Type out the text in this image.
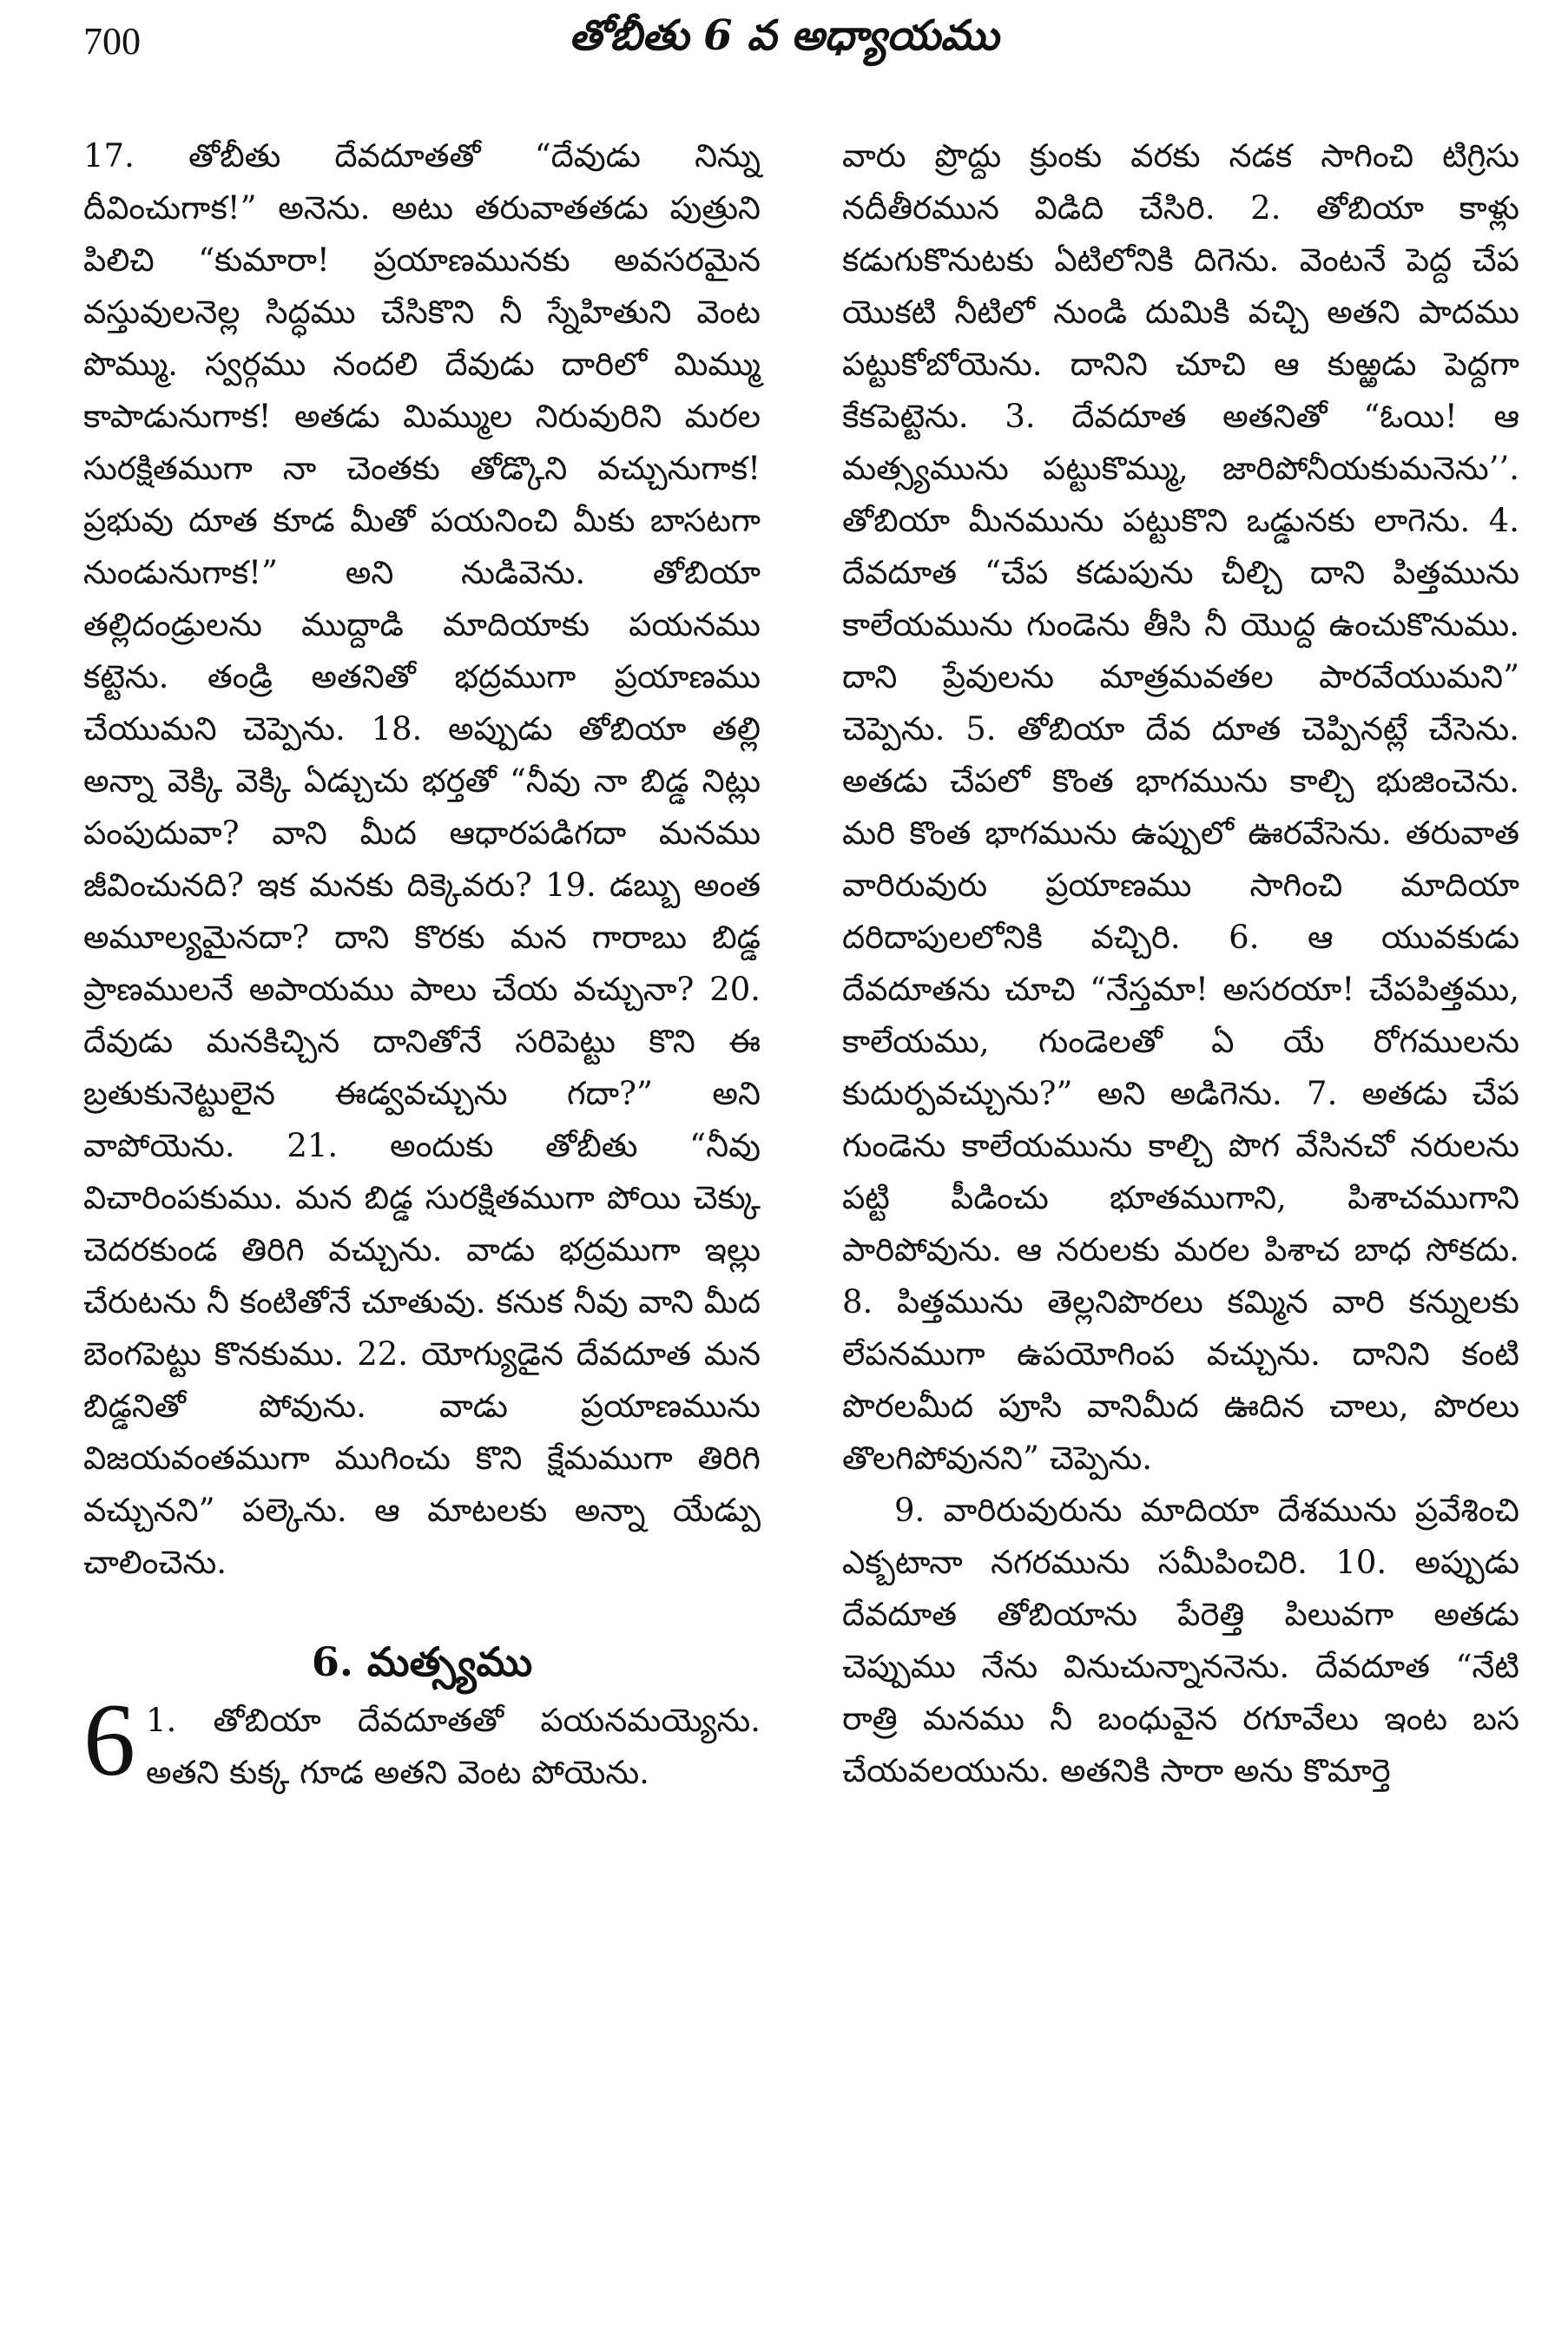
700	తోబీతు 6 వ అధ్యాయము

17. తోబీతు దేవదూతతో “దేవుడు నిన్ను దీవించుగాక!” అనెను. అటు తరువాతతడు పుత్రుని పిలిచి “కుమారా! ప్రయాణమునకు అవసరమైన వస్తువులనెల్ల సిద్ధము చేసికొని నీ స్నేహితుని వెంట పొమ్ము. స్వర్గము నందలి దేవుడు దారిలో మిమ్ము కాపాడునుగాక! అతడు మిమ్ముల నిరువురిని మరల సురక్షితముగా నా చెంతకు తోడ్కొని వచ్చునుగాక! ప్రభువు దూత కూడ మీతో పయనించి మీకు బాసటగా నుండునుగాక!” అని నుడివెను. తోబియా తల్లిదండ్రులను ముద్దాడి మాదియాకు పయనము కట్టెను. తండ్రి అతనితో భద్రముగా ప్రయాణము చేయుమని చెప్పెను. 18. అప్పుడు తోబియా తల్లి అన్నా వెక్కి వెక్కి ఏడ్చుచు భర్తతో “నీవు నా బిడ్డ నిట్లు పంపుదువా? వాని మీద ఆధారపడిగదా మనము జీవించునది? ఇక మనకు దిక్కెవరు? 19. డబ్బు అంత అమూల్యమైనదా? దాని కొరకు మన గారాబు బిడ్డ ప్రాణములనే అపాయము పాలు చేయ వచ్చునా? 20. దేవుడు మనకిచ్చిన దానితోనే సరిపెట్టు కొని ఈ బ్రతుకునెట్టులైన ఈడ్వవచ్చును గదా?” అని వాపోయెను. 21. అందుకు తోబీతు “నీవు విచారింపకుము. మన బిడ్డ సురక్షితముగా పోయి చెక్కు చెదరకుండ తిరిగి వచ్చును. వాడు భద్రముగా ఇల్లు చేరుటను నీ కంటితోనే చూతువు. కనుక నీవు వాని మీద బెంగపెట్టు కొనకుము. 22. యోగ్యుడైన దేవదూత మన బిడ్డనితో పోవును. వాడు ప్రయాణమును విజయవంతముగా ముగించు కొని క్షేమముగా తిరిగి వచ్చునని” పల్కెను. ఆ మాటలకు అన్నా యేడ్పు చాలించెను.

6. మత్స్యము

6 1. తోబియా దేవదూతతో పయనమయ్యెను. అతని కుక్క గూడ అతని వెంట పోయెను.

వారు ప్రొద్దు క్రుంకు వరకు నడక సాగించి టిగ్రిసు నదీతీరమున విడిది చేసిరి. 2. తోబియా కాళ్లు కడుగుకొనుటకు ఏటిలోనికి దిగెను. వెంటనే పెద్ద చేప యొకటి నీటిలో నుండి దుమికి వచ్చి అతని పాదము పట్టుకోబోయెను. దానిని చూచి ఆ కుఱ్ఱడు పెద్దగా కేకపెట్టెను. 3. దేవదూత అతనితో “ఓయి! ఆ మత్స్యమును పట్టుకొమ్ము, జారిపోనీయకుమనెను’’. తోబియా మీనమును పట్టుకొని ఒడ్డునకు లాగెను. 4. దేవదూత “చేప కడుపును చీల్చి దాని పిత్తమును కాలేయమును గుండెను తీసి నీ యొద్ద ఉంచుకొనుము. దాని ప్రేవులను మాత్రమవతల పారవేయుమని” చెప్పెను. 5. తోబియా దేవ దూత చెప్పినట్లే చేసెను. అతడు చేపలో కొంత భాగమును కాల్చి భుజించెను. మరి కొంత భాగమును ఉప్పులో ఊరవేసెను. తరువాత వారిరువురు ప్రయాణము సాగించి మాదియా దరిదాపులలోనికి వచ్చిరి. 6. ఆ యువకుడు దేవదూతను చూచి “నేస్తమా! అసరయా! చేపపిత్తము, కాలేయము, గుండెలతో ఏ యే రోగములను కుదుర్పవచ్చును?” అని అడిగెను. 7. అతడు చేప గుండెను కాలేయమును కాల్చి పొగ వేసినచో నరులను పట్టి పీడించు భూతముగాని, పిశాచముగాని పారిపోవును. ఆ నరులకు మరల పిశాచ బాధ సోకదు. 8. పిత్తమును తెల్లనిపొరలు కమ్మిన వారి కన్నులకు లేపనముగా ఉపయోగింప వచ్చును. దానిని కంటి పొరలమీద పూసి వానిమీద ఊదిన చాలు, పొరలు తొలగిపోవునని” చెప్పెను.

9. వారిరువురును మాదియా దేశమును ప్రవేశించి ఎక్బటానా నగరమును సమీపించిరి. 10. అప్పుడు దేవదూత తోబియాను పేరెత్తి పిలువగా అతడు చెప్పుము నేను వినుచున్నాననెను. దేవదూత “నేటి రాత్రి మనము నీ బంధువైన రగూవేలు ఇంట బస చేయవలయును. అతనికి సారా అను కొమార్తె
